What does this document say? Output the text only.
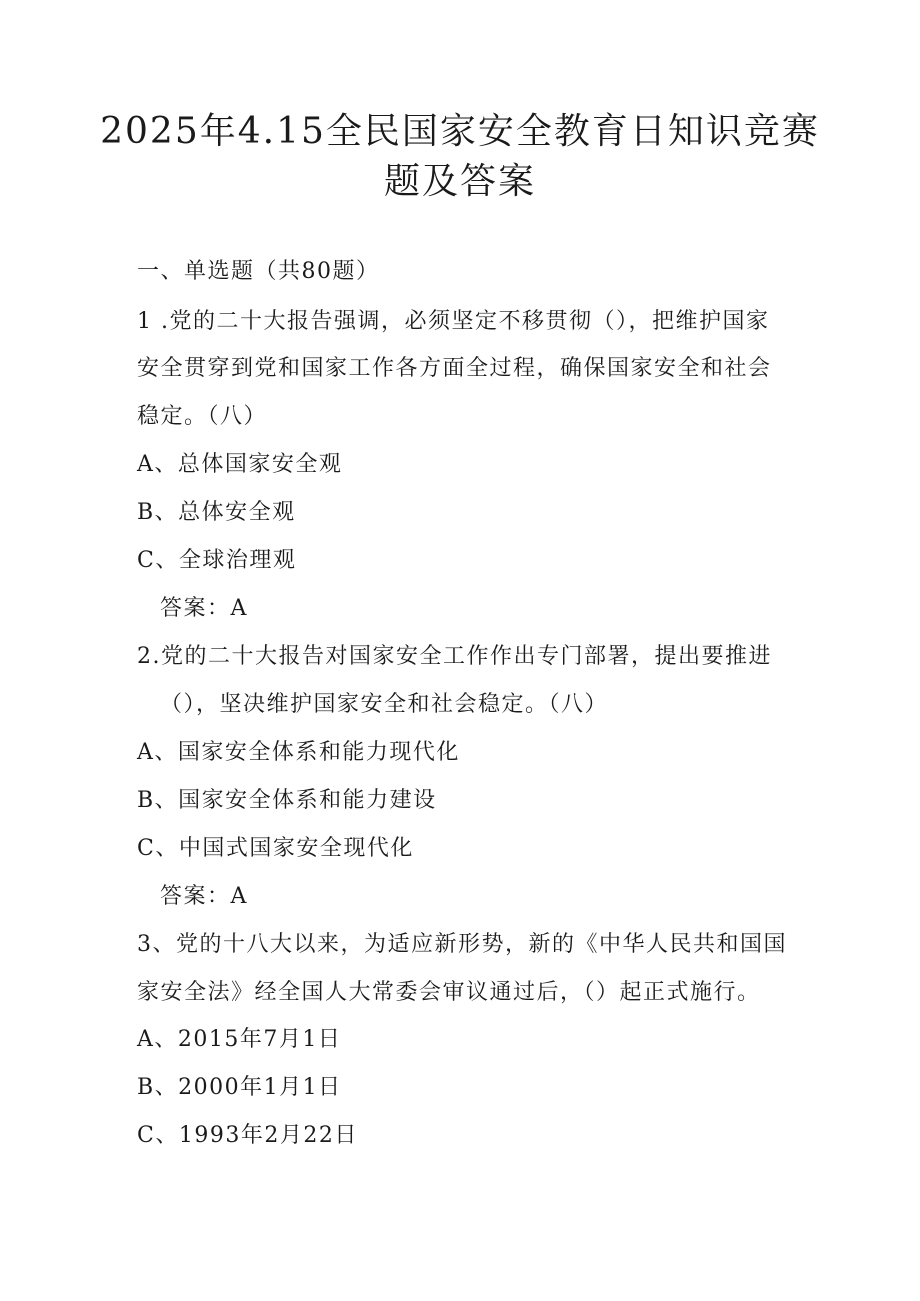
2025年4.15全民国家安全教育日知识竞赛
题及答案
一、单选题（共80题）
1 .党的二十大报告强调，必须坚定不移贯彻（），把维护国家
安全贯穿到党和国家工作各方面全过程，确保国家安全和社会
稳定。（八）
A、总体国家安全观
B、总体安全观
C、全球治理观
答案：A
2.党的二十大报告对国家安全工作作出专门部署，提出要推进
（），坚决维护国家安全和社会稳定。（八）
A、国家安全体系和能力现代化
B、国家安全体系和能力建设
C、中国式国家安全现代化
答案：A
3、党的十八大以来，为适应新形势，新的《中华人民共和国国
家安全法》经全国人大常委会审议通过后，（）起正式施行。
A、2015年7月1日
B、2000年1月1日
C、1993年2月22日
